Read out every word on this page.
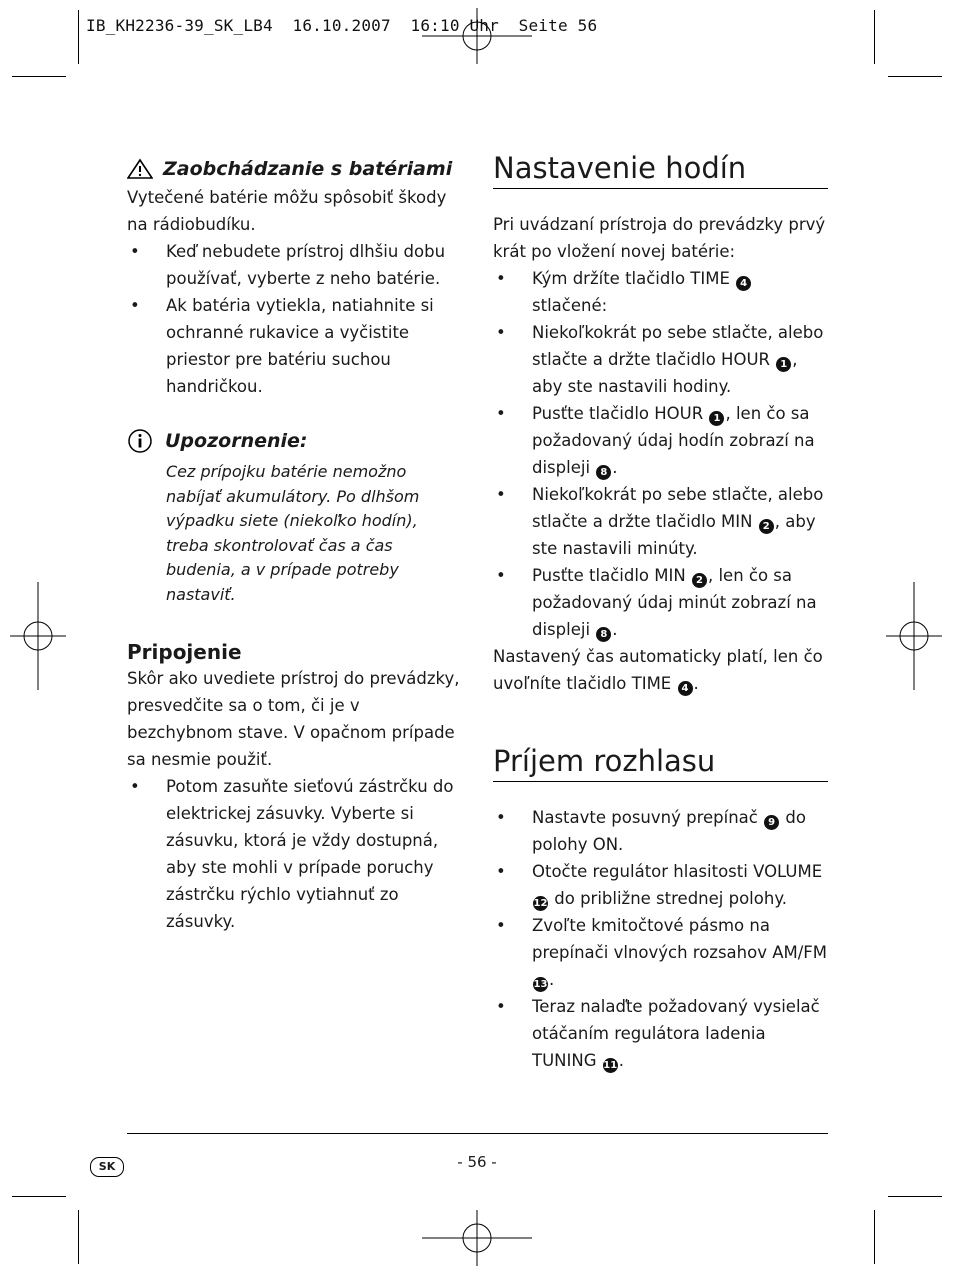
IB_KH2236-39_SK_LB4  16.10.2007  16:10 Uhr  Seite 56
Zaobchádzanie s batériami

Vytečené batérie môžu spôsobiť škody na rádiobudíku.

• Keď nebudete prístroj dlhšiu dobu používať, vyberte z neho batérie.

• Ak batéria vytiekla, natiahnite si ochranné rukavice a vyčistite priestor pre batériu suchou handričkou.

Upozornenie:

Cez prípojku batérie nemožno nabíjať akumulátory. Po dlhšom výpadku siete (niekoľko hodín), treba skontrolovať čas a čas budenia, a v prípade potreby nastaviť.

Pripojenie

Skôr ako uvediete prístroj do prevádzky, presvedčite sa o tom, či je v bezchybnom stave. V opačnom prípade sa nesmie použiť.

• Potom zasuňte sieťovú zástrčku do elektrickej zásuvky. Vyberte si zásuvku, ktorá je vždy dostupná, aby ste mohli v prípade poruchy zástrčku rýchlo vytiahnuť zo zásuvky.

Nastavenie hodín

Pri uvádzaní prístroja do prevádzky prvý krát po vložení novej batérie:

• Kým držíte tlačidlo TIME 4 stlačené:

• Niekoľkokrát po sebe stlačte, alebo stlačte a držte tlačidlo HOUR 1 , aby ste nastavili hodiny.

• Pusťte tlačidlo HOUR 1 , len čo sa požadovaný údaj hodín zobrazí na displeji 8 .

• Niekoľkokrát po sebe stlačte, alebo stlačte a držte tlačidlo MIN 2 , aby ste nastavili minúty.

• Pusťte tlačidlo MIN 2 , len čo sa požadovaný údaj minút zobrazí na displeji 8 .

Nastavený čas automaticky platí, len čo uvoľníte tlačidlo TIME 4 .

Príjem rozhlasu

• Nastavte posuvný prepínač 9 do polohy ON.

• Otočte regulátor hlasitosti VOLUME 12 do približne strednej polohy.

• Zvoľte kmitočtové pásmo na prepínači vlnových rozsahov AM/FM 13.

• Teraz nalaďte požadovaný vysielač otáčaním regulátora ladenia TUNING 11.

SK	- 56 -
